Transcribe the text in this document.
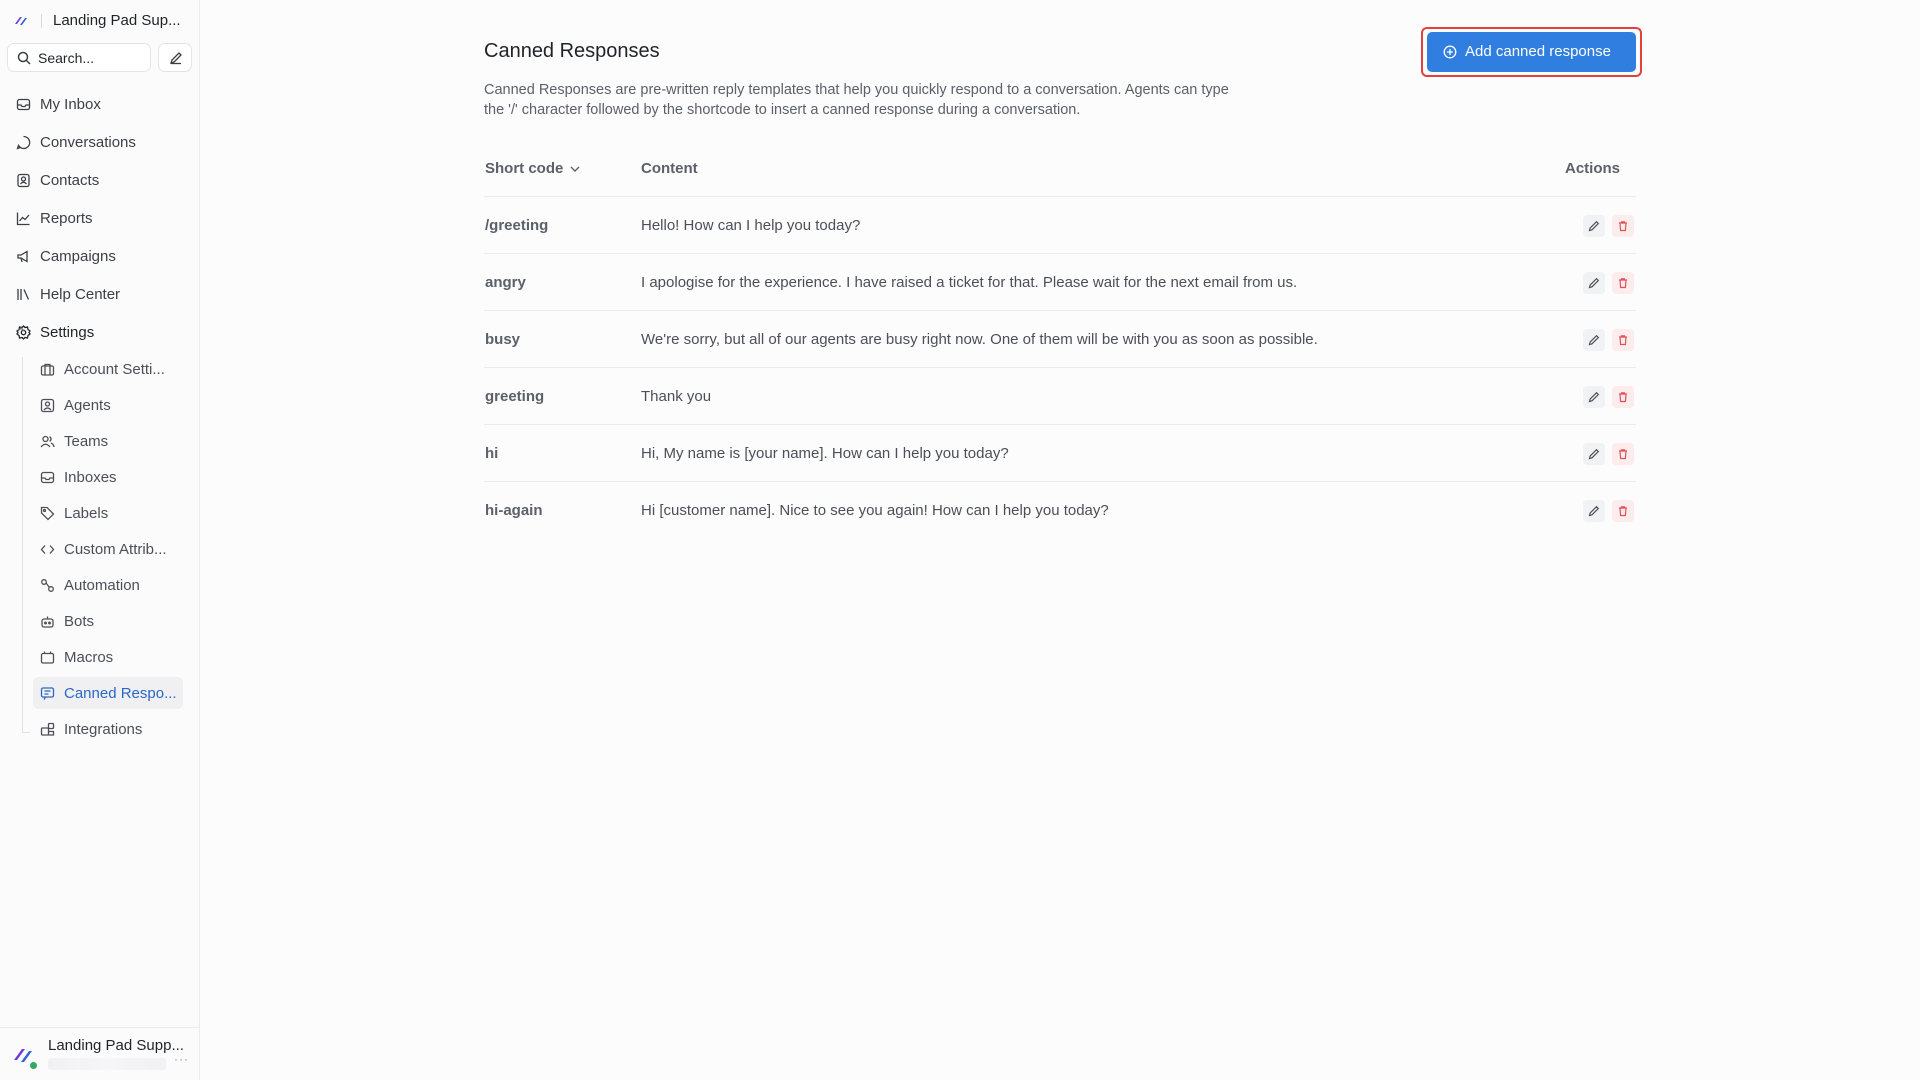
Landing Pad Sup...
Search...
My Inbox
Conversations
Contacts
Reports
Campaigns
Help Center
Settings
Account Setti...
Agents
Teams
Inboxes
Labels
Custom Attrib...
Automation
Bots
Macros
Canned Respo...
Integrations
Landing Pad Supp...
···
Canned Responses

Canned Responses are pre-written reply templates that help you quickly respond to a conversation. Agents can type the '/' character followed by the shortcode to insert a canned response during a conversation.

Add canned response
Short code	Content	Actions
/greeting	Hello! How can I help you today?
angry	I apologise for the experience. I have raised a ticket for that. Please wait for the next email from us.
busy	We're sorry, but all of our agents are busy right now. One of them will be with you as soon as possible.
greeting	Thank you
hi	Hi, My name is [your name]. How can I help you today?
hi-again	Hi [customer name]. Nice to see you again! How can I help you today?
